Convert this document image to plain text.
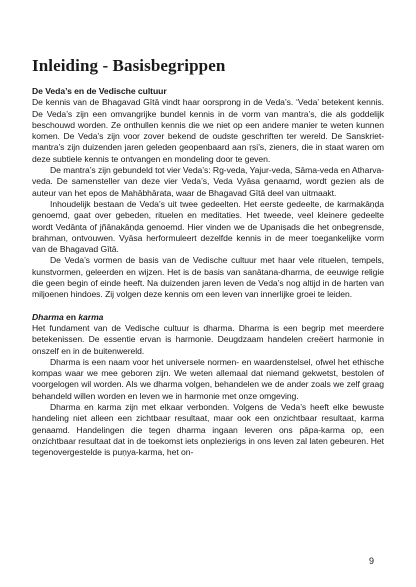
Inleiding - Basisbegrippen

De Veda’s en de Vedische cultuur

De kennis van de Bhagavad Gītā vindt haar oorsprong in de Veda’s. ‘Veda’ betekent kennis. De Veda’s zijn een omvangrijke bundel kennis in de vorm van mantra’s, die als goddelijk beschouwd worden. Ze onthullen kennis die we niet op een andere manier te weten kunnen komen. De Veda’s zijn voor zover bekend de oudste geschriften ter wereld. De Sanskriet-mantra’s zijn duizenden jaren geleden geopenbaard aan ṛṣi’s, zieners, die in staat waren om deze subtiele kennis te ontvangen en mondeling door te geven.

De mantra’s zijn gebundeld tot vier Veda’s: Rg-veda, Yajur-veda, Sāma-veda en Atharva-veda. De samensteller van deze vier Veda’s, Veda Vyāsa genaamd, wordt gezien als de auteur van het epos de Mahābhārata, waar de Bhagavad Gītā deel van uitmaakt.

Inhoudelijk bestaan de Veda’s uit twee gedeelten. Het eerste gedeelte, de karmakāṇḍa genoemd, gaat over gebeden, rituelen en meditaties. Het tweede, veel kleinere gedeelte wordt Vedānta of jñānakāṇḍa genoemd. Hier vinden we de Upaniṣads die het onbegrensde, brahman, ontvouwen. Vyāsa herformuleert dezelfde kennis in de meer toegankelijke vorm van de Bhagavad Gītā.

De Veda’s vormen de basis van de Vedische cultuur met haar vele rituelen, tempels, kunstvormen, geleerden en wijzen. Het is de basis van sanātana-dharma, de eeuwige religie die geen begin of einde heeft. Na duizenden jaren leven de Veda’s nog altijd in de harten van miljoenen hindoes. Zij volgen deze kennis om een leven van innerlijke groei te leiden.

Dharma en karma

Het fundament van de Vedische cultuur is dharma. Dharma is een begrip met meerdere betekenissen. De essentie ervan is harmonie. Deugdzaam handelen creëert harmonie in onszelf en in de buitenwereld.

Dharma is een naam voor het universele normen- en waardenstelsel, ofwel het ethische kompas waar we mee geboren zijn. We weten allemaal dat niemand gekwetst, bestolen of voorgelogen wil worden. Als we dharma volgen, behandelen we de ander zoals we zelf graag behandeld willen worden en leven we in harmonie met onze omgeving.

Dharma en karma zijn met elkaar verbonden. Volgens de Veda’s heeft elke bewuste handeling niet alleen een zichtbaar resultaat, maar ook een onzichtbaar resultaat, karma genaamd. Handelingen die tegen dharma ingaan leveren ons pāpa-karma op, een onzichtbaar resultaat dat in de toekomst iets onplezierigs in ons leven zal laten gebeuren. Het tegenovergestelde is puṇya-karma, het on-

9
